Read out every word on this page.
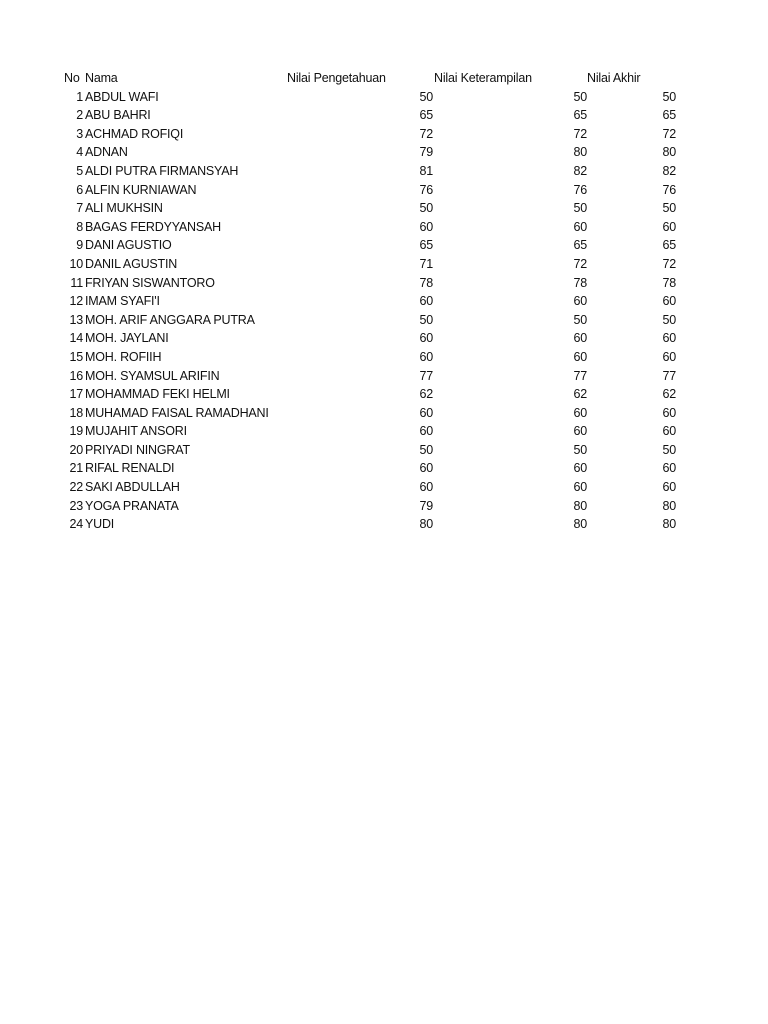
No Nama	Nilai Pengetahuan	Nilai Keterampilan	Nilai Akhir
1 ABDUL WAFI	50	50	50
2 ABU BAHRI	65	65	65
3 ACHMAD ROFIQI	72	72	72
4 ADNAN	79	80	80
5 ALDI PUTRA FIRMANSYAH	81	82	82
6 ALFIN KURNIAWAN	76	76	76
7 ALI MUKHSIN	50	50	50
8 BAGAS FERDYYANSAH	60	60	60
9 DANI AGUSTIO	65	65	65
10 DANIL AGUSTIN	71	72	72
11 FRIYAN SISWANTORO	78	78	78
12 IMAM SYAFI'I	60	60	60
13 MOH. ARIF ANGGARA PUTRA	50	50	50
14 MOH. JAYLANI	60	60	60
15 MOH. ROFIIH	60	60	60
16 MOH. SYAMSUL ARIFIN	77	77	77
17 MOHAMMAD FEKI HELMI	62	62	62
18 MUHAMAD FAISAL RAMADHANI	60	60	60
19 MUJAHIT ANSORI	60	60	60
20 PRIYADI NINGRAT	50	50	50
21 RIFAL RENALDI	60	60	60
22 SAKI ABDULLAH	60	60	60
23 YOGA PRANATA	79	80	80
24 YUDI	80	80	80
